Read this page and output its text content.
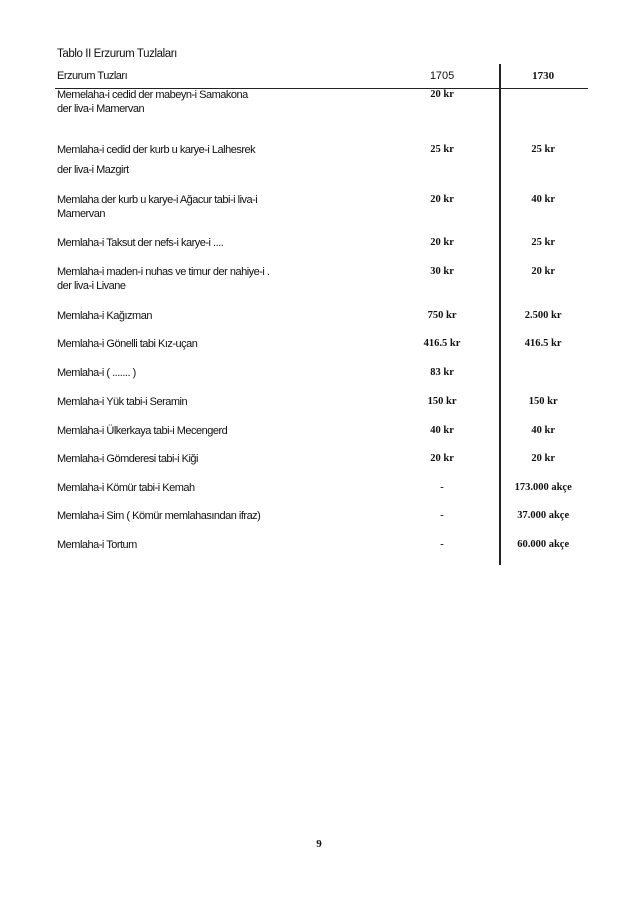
Tablo II Erzurum Tuzlaları
Erzurum Tuzları	1705	1730
Memelaha-i cedid der mabeyn-i Samakona
der liva-i Mamervan
20 kr
Memlaha-i cedid der kurb u karye-i Lalhesrek
der liva-i Mazgirt
25 kr	25 kr
Memlaha der kurb u karye-i Ağacur tabi-i liva-i
Mamervan
20 kr	40 kr
Memlaha-i Taksut der nefs-i karye-i ....	20 kr	25 kr
Memlaha-i maden-i nuhas ve timur der nahiye-i .
der liva-i Livane
30 kr	20 kr
Memlaha-i Kağızman	750 kr	2.500 kr
Memlaha-i Gönelli tabi Kız-uçan	416.5 kr	416.5 kr
Memlaha-i ( ....... )	83 kr
Memlaha-i Yük tabi-i Seramin	150 kr	150 kr
Memlaha-i Ülkerkaya tabi-i Mecengerd	40 kr	40 kr
Memlaha-i Gömderesi tabi-i Kiği	20 kr	20 kr
Memlaha-i Kömür tabi-i Kemah	-	173.000 akçe
Memlaha-i Sim ( Kömür memlahasından ifraz)	-	37.000 akçe
Memlaha-i Tortum	-	60.000 akçe
9
